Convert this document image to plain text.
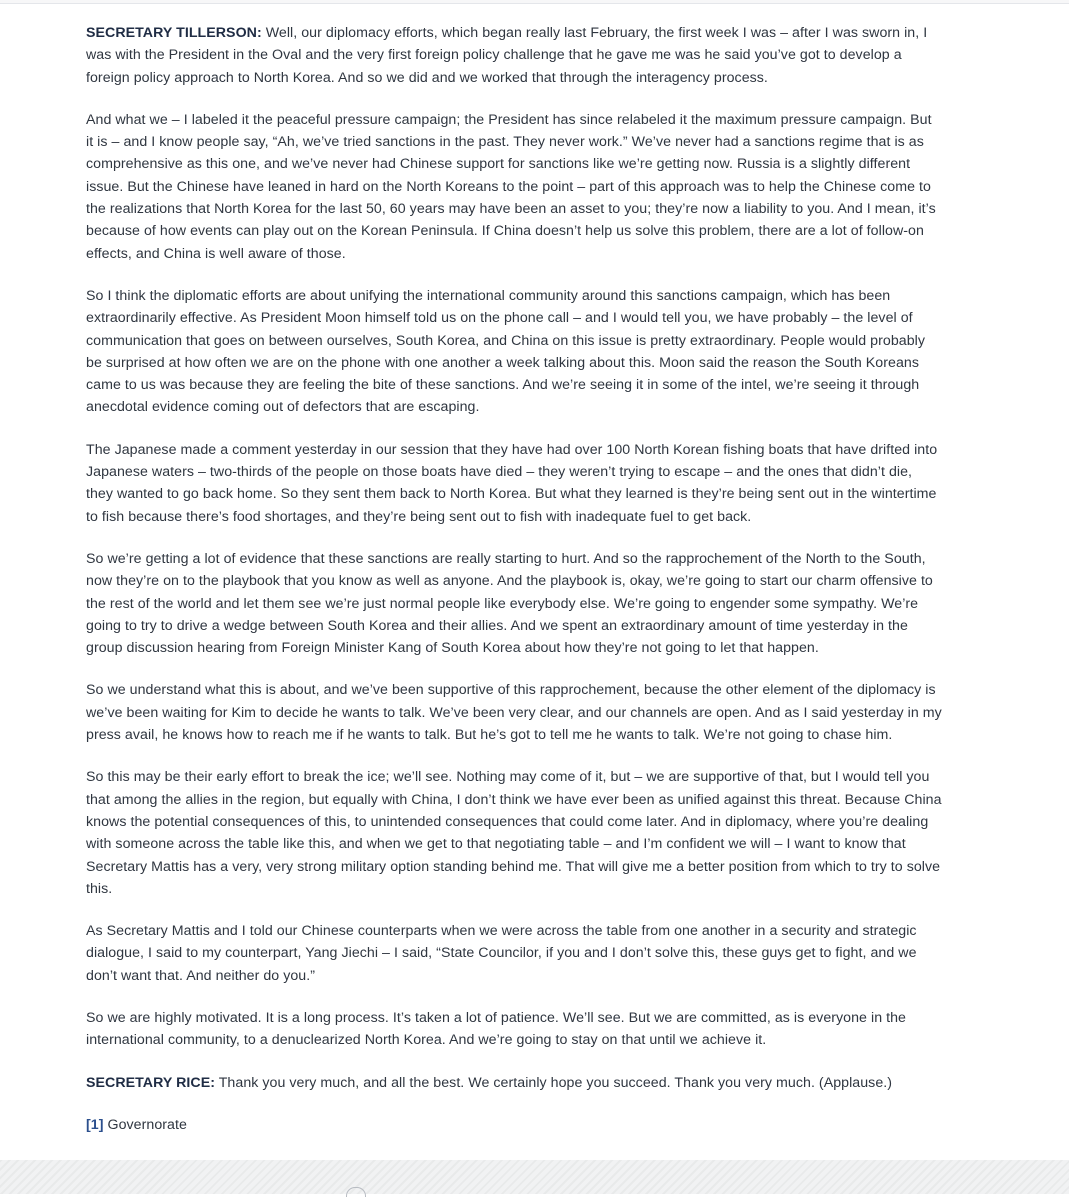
SECRETARY TILLERSON: Well, our diplomacy efforts, which began really last February, the first week I was – after I was sworn in, I was with the President in the Oval and the very first foreign policy challenge that he gave me was he said you’ve got to develop a foreign policy approach to North Korea. And so we did and we worked that through the interagency process.

And what we – I labeled it the peaceful pressure campaign; the President has since relabeled it the maximum pressure campaign. But it is – and I know people say, “Ah, we’ve tried sanctions in the past. They never work.” We’ve never had a sanctions regime that is as comprehensive as this one, and we’ve never had Chinese support for sanctions like we’re getting now. Russia is a slightly different issue. But the Chinese have leaned in hard on the North Koreans to the point – part of this approach was to help the Chinese come to the realizations that North Korea for the last 50, 60 years may have been an asset to you; they’re now a liability to you. And I mean, it’s because of how events can play out on the Korean Peninsula. If China doesn’t help us solve this problem, there are a lot of follow-on effects, and China is well aware of those.

So I think the diplomatic efforts are about unifying the international community around this sanctions campaign, which has been extraordinarily effective. As President Moon himself told us on the phone call – and I would tell you, we have probably – the level of communication that goes on between ourselves, South Korea, and China on this issue is pretty extraordinary. People would probably be surprised at how often we are on the phone with one another a week talking about this. Moon said the reason the South Koreans came to us was because they are feeling the bite of these sanctions. And we’re seeing it in some of the intel, we’re seeing it through anecdotal evidence coming out of defectors that are escaping.

The Japanese made a comment yesterday in our session that they have had over 100 North Korean fishing boats that have drifted into Japanese waters – two-thirds of the people on those boats have died – they weren’t trying to escape – and the ones that didn’t die, they wanted to go back home. So they sent them back to North Korea. But what they learned is they’re being sent out in the wintertime to fish because there’s food shortages, and they’re being sent out to fish with inadequate fuel to get back.

So we’re getting a lot of evidence that these sanctions are really starting to hurt. And so the rapprochement of the North to the South, now they’re on to the playbook that you know as well as anyone. And the playbook is, okay, we’re going to start our charm offensive to the rest of the world and let them see we’re just normal people like everybody else. We’re going to engender some sympathy. We’re going to try to drive a wedge between South Korea and their allies. And we spent an extraordinary amount of time yesterday in the group discussion hearing from Foreign Minister Kang of South Korea about how they’re not going to let that happen.

So we understand what this is about, and we’ve been supportive of this rapprochement, because the other element of the diplomacy is we’ve been waiting for Kim to decide he wants to talk. We’ve been very clear, and our channels are open. And as I said yesterday in my press avail, he knows how to reach me if he wants to talk. But he’s got to tell me he wants to talk. We’re not going to chase him.

So this may be their early effort to break the ice; we’ll see. Nothing may come of it, but – we are supportive of that, but I would tell you that among the allies in the region, but equally with China, I don’t think we have ever been as unified against this threat. Because China knows the potential consequences of this, to unintended consequences that could come later. And in diplomacy, where you’re dealing with someone across the table like this, and when we get to that negotiating table – and I’m confident we will – I want to know that Secretary Mattis has a very, very strong military option standing behind me. That will give me a better position from which to try to solve this.

As Secretary Mattis and I told our Chinese counterparts when we were across the table from one another in a security and strategic dialogue, I said to my counterpart, Yang Jiechi – I said, “State Councilor, if you and I don’t solve this, these guys get to fight, and we don’t want that. And neither do you.”

So we are highly motivated. It is a long process. It’s taken a lot of patience. We’ll see. But we are committed, as is everyone in the international community, to a denuclearized North Korea. And we’re going to stay on that until we achieve it.

SECRETARY RICE: Thank you very much, and all the best. We certainly hope you succeed. Thank you very much. (Applause.)

[1] Governorate
